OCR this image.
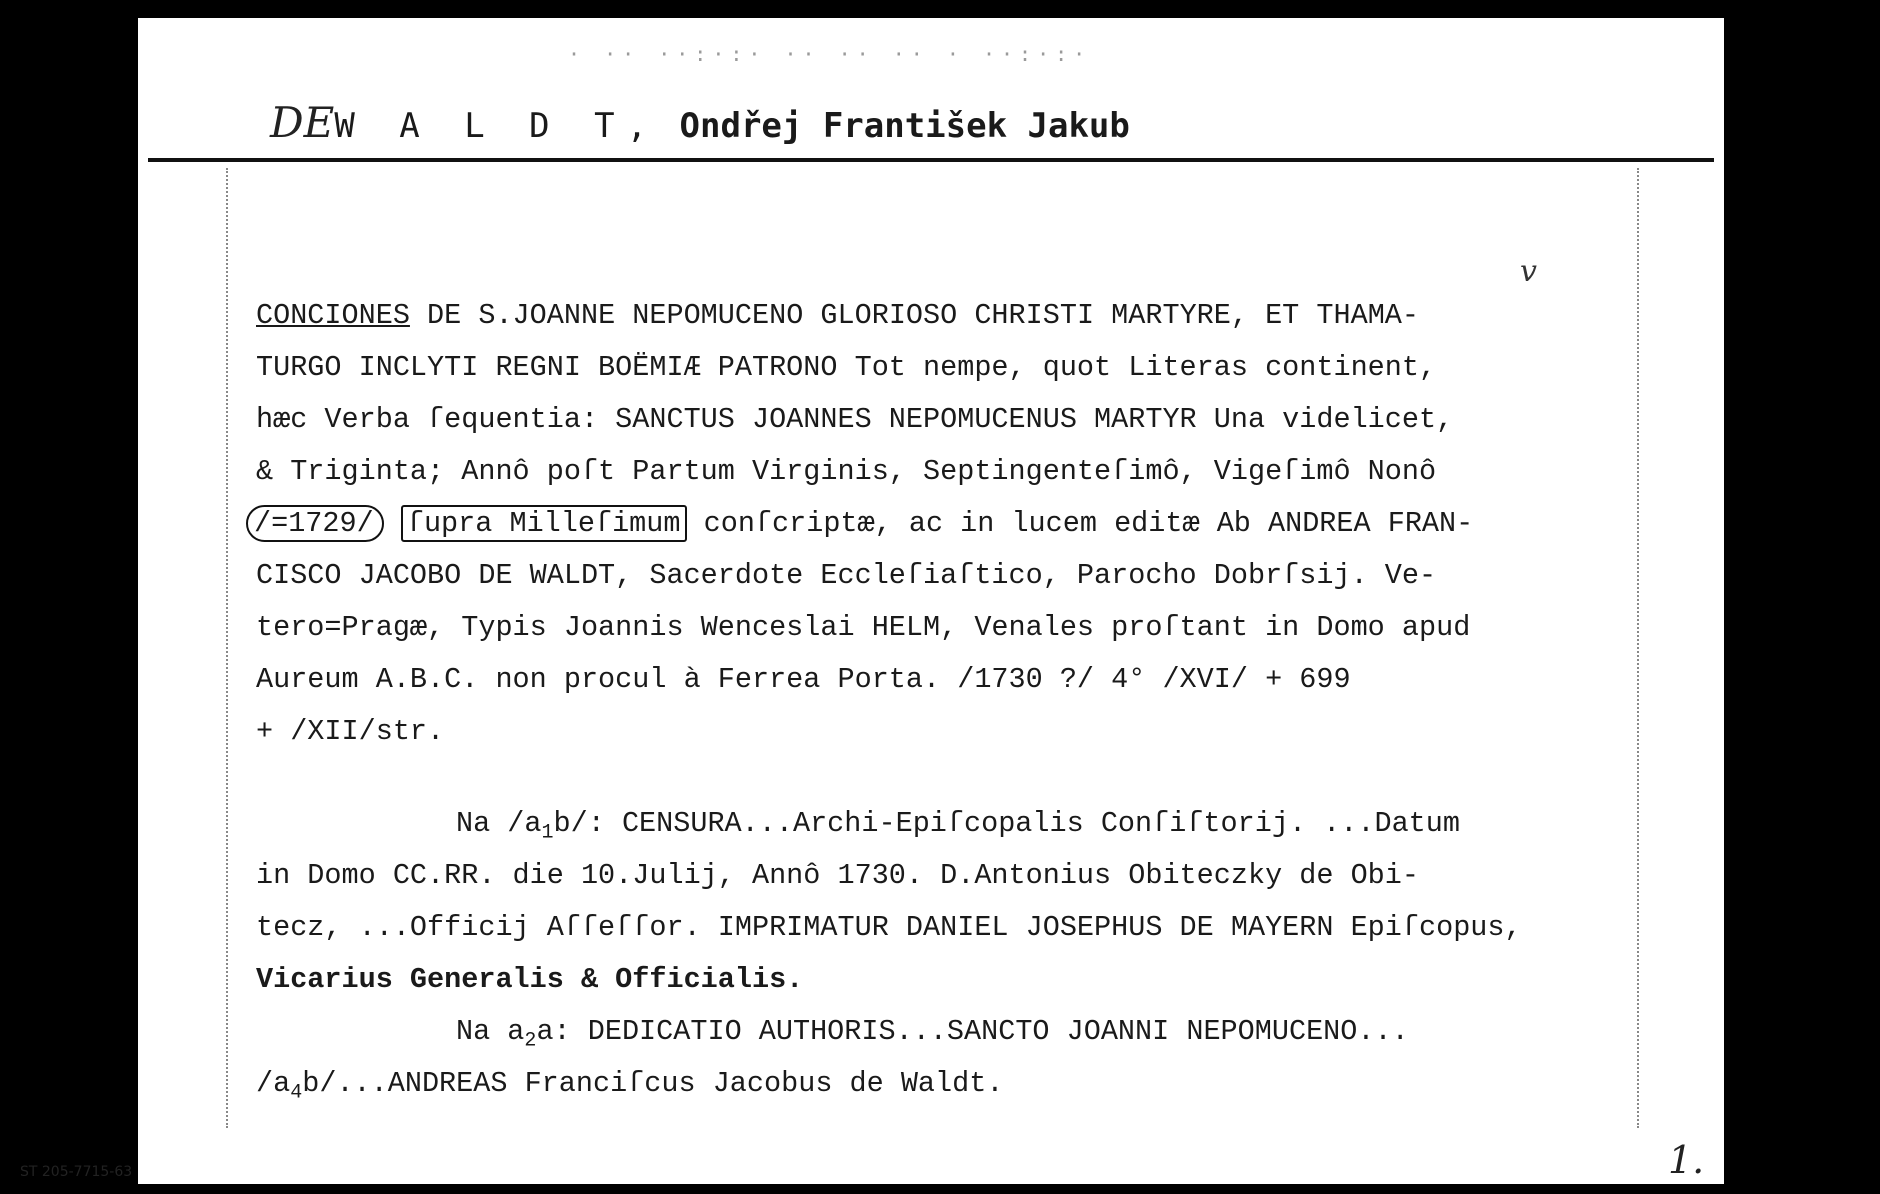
· ·· ··:·:· ·· ·· ·· · ··:·:·
DEW A L D T, Ondřej František Jakub
v
CONCIONES DE S.JOANNE NEPOMUCENO GLORIOSO CHRISTI MARTYRE, ET THAMA-
TURGO INCLYTI REGNI BOËMIÆ PATRONO Tot nempe, quot Literas continent,
hæc Verba ſequentia: SANCTUS JOANNES NEPOMUCENUS MARTYR Una videlicet,
& Triginta; Annô poſt Partum Virginis, Septingenteſimô, Vigeſimô Nonô
/=1729/ ſupra Milleſimum conſcriptæ, ac in lucem editæ Ab ANDREA FRAN-
CISCO JACOBO DE WALDT, Sacerdote Eccleſiaſtico, Parocho Dobrſsij. Ve-
tero=Pragæ, Typis Joannis Wenceslai HELM, Venales proſtant in Domo apud
Aureum A.B.C. non procul à Ferrea Porta. /1730 ?/ 4° /XVI/ + 699
+ /XII/str.
Na $/a_1b/$: CENSURA...Archi-Epiſcopalis Conſiſtorij. ...Datum
in Domo CC.RR. die 10.Julij, Annô 1730. D.Antonius Obiteczky de Obi-
tecz, ...Officij Aſſeſſor. IMPRIMATUR DANIEL JOSEPHUS DE MAYERN Epiſcopus,
Vicarius Generalis & Officialis.
Na $a_2a$: DEDICATIO AUTHORIS...SANCTO JOANNI NEPOMUCENO...
$/a_4b/...ANDREAS$ Franciſcus Jacobus de Waldt.
1.
ST 205-7715-63
